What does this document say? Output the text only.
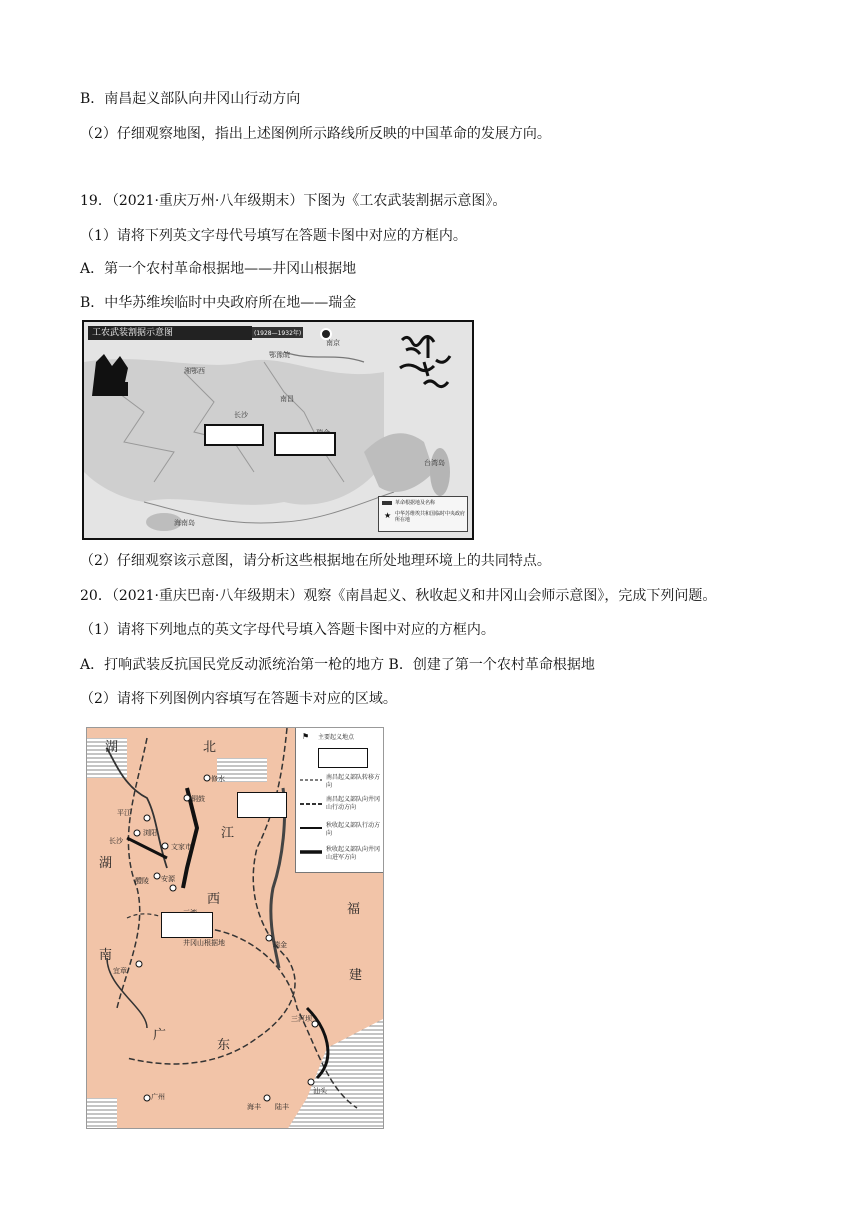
B．南昌起义部队向井冈山行动方向
（2）仔细观察地图，指出上述图例所示路线所反映的中国革命的发展方向。
19．（2021·重庆万州·八年级期末）下图为《工农武装割据示意图》。
（1）请将下列英文字母代号填写在答题卡图中对应的方框内。
A．第一个农村革命根据地——井冈山根据地
B．中华苏维埃临时中央政府所在地——瑞金
工农武装割据示意图	(1928—1932年)
南京
鄂豫皖
湘鄂西
长沙
南昌
台湾岛
海南岛
革命根据地及名称
★ 中华苏维埃共和国临时中央政府所在地
（2）仔细观察该示意图，请分析这些根据地在所处地理环境上的共同特点。
20．（2021·重庆巴南·八年级期末）观察《南昌起义、秋收起义和井冈山会师示意图》，完成下列问题。
（1）请将下列地点的英文字母代号填入答题卡图中对应的方框内。
A．打响武装反抗国民党反动派统治第一枪的地方 B．创建了第一个农村革命根据地
（2）请将下列图例内容填写在答题卡对应的区域。
湖	北
江
西
湖
南
福
建
广
东
修水
平江
铜鼓
浏阳
文家市
长沙
醴陵 安源
井冈山根据地	瑞金
宜章
三河坝
广州
汕头
海丰 陆丰
⚑ 主要起义地点
南昌起义部队转移方向
南昌起义部队向井冈山行动方向
秋收起义部队行动方向
秋收起义部队向井冈山进军方向
